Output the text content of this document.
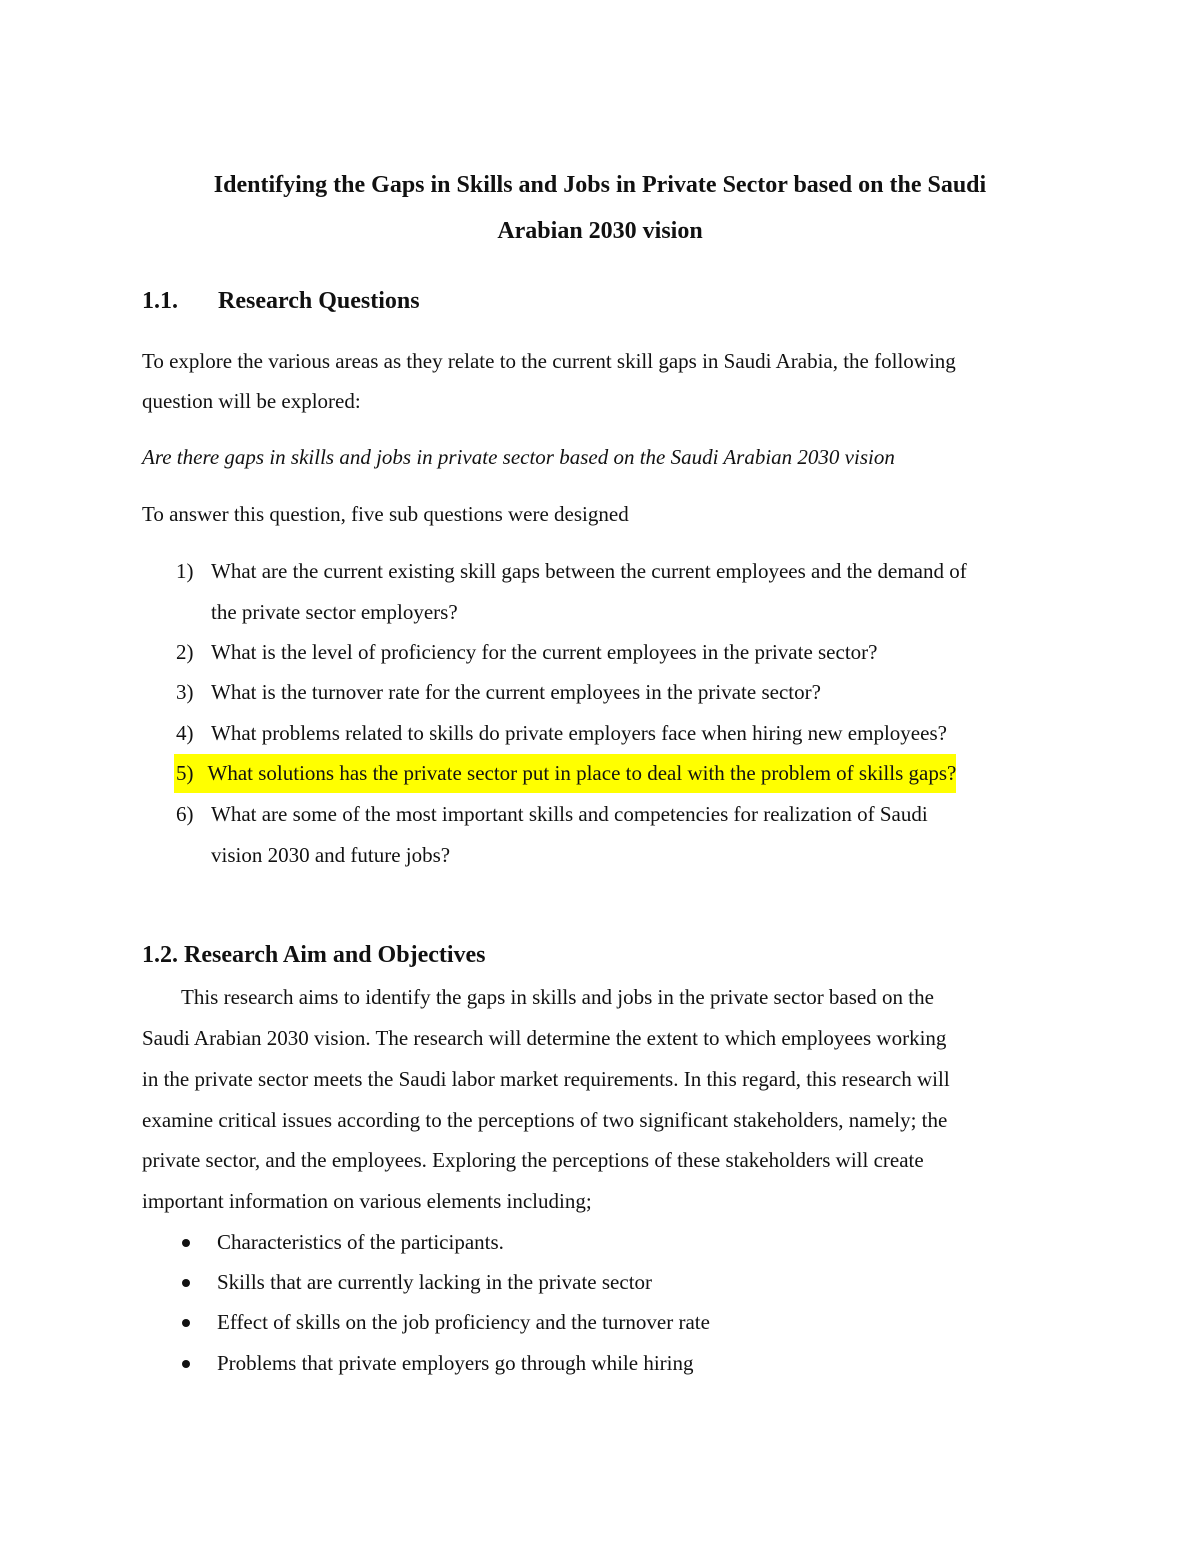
Identifying the Gaps in Skills and Jobs in Private Sector based on the Saudi
Arabian 2030 vision
1.1. Research Questions
To explore the various areas as they relate to the current skill gaps in Saudi Arabia, the following
question will be explored:
Are there gaps in skills and jobs in private sector based on the Saudi Arabian 2030 vision
To answer this question, five sub questions were designed
1) What are the current existing skill gaps between the current employees and the demand of
the private sector employers?
2) What is the level of proficiency for the current employees in the private sector?
3) What is the turnover rate for the current employees in the private sector?
4) What problems related to skills do private employers face when hiring new employees?
5) What solutions has the private sector put in place to deal with the problem of skills gaps?
6) What are some of the most important skills and competencies for realization of Saudi
vision 2030 and future jobs?
1.2. Research Aim and Objectives
This research aims to identify the gaps in skills and jobs in the private sector based on the
Saudi Arabian 2030 vision. The research will determine the extent to which employees working
in the private sector meets the Saudi labor market requirements. In this regard, this research will
examine critical issues according to the perceptions of two significant stakeholders, namely; the
private sector, and the employees. Exploring the perceptions of these stakeholders will create
important information on various elements including;
Characteristics of the participants.
Skills that are currently lacking in the private sector
Effect of skills on the job proficiency and the turnover rate
Problems that private employers go through while hiring
